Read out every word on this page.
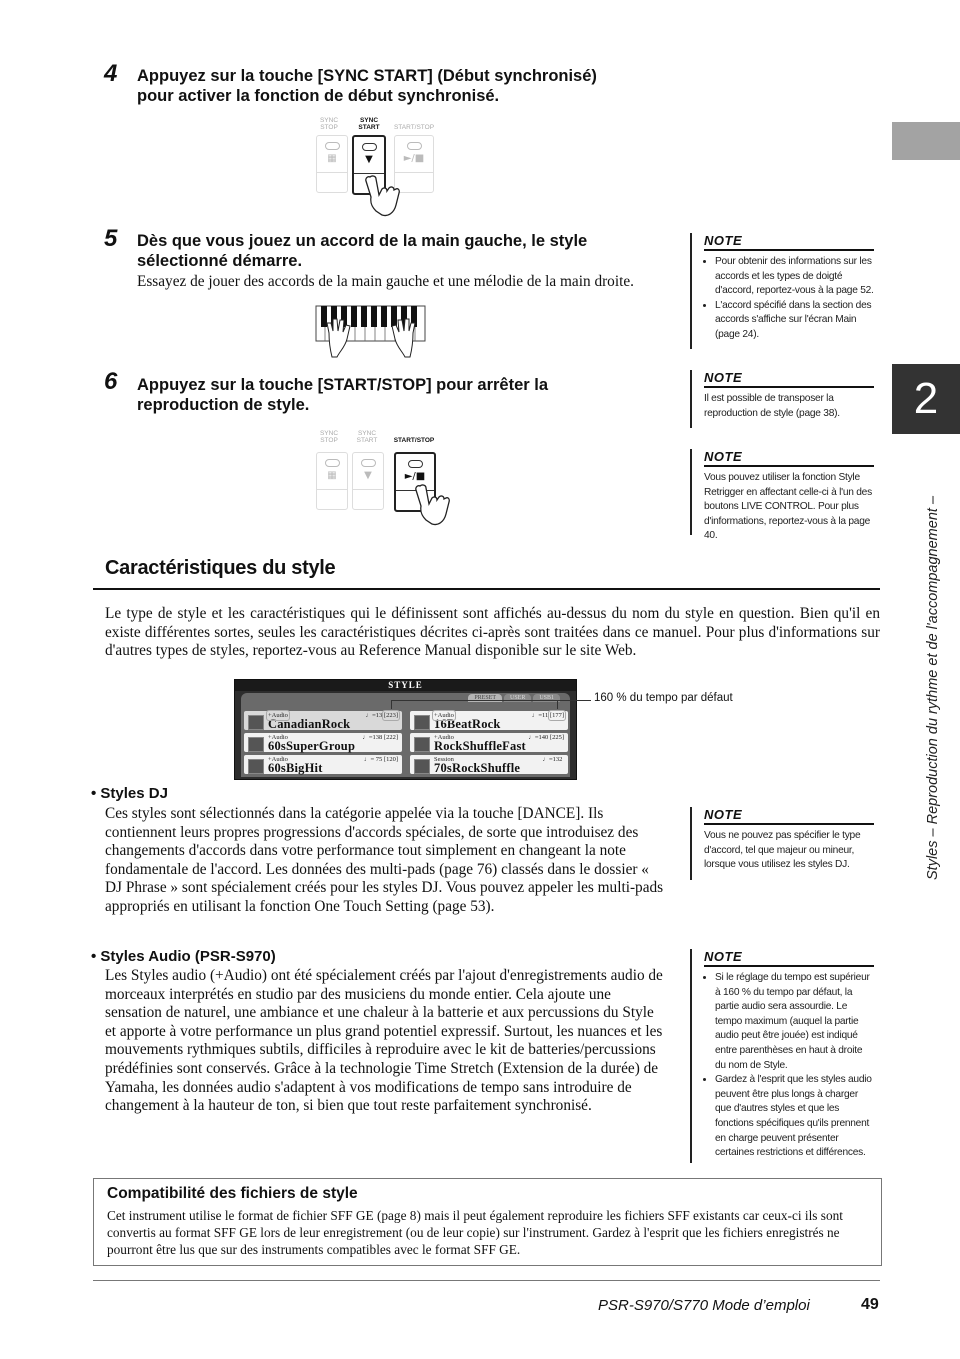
4 Appuyez sur la touche [SYNC START] (Début synchronisé)
pour activer la fonction de début synchronisé.
SYNC
STOP
SYNC
START	START/STOP
▦	▼	►/■
5 Dès que vous jouez un accord de la main gauche, le style
sélectionné démarre.
Essayez de jouer des accords de la main gauche et une mélodie de la main droite.
NOTE
• Pour obtenir des informations sur les accords et les types de doigté d'accord, reportez-vous à la page 52.
• L'accord spécifié dans la section des accords s'affiche sur l'écran Main (page 24).
6 Appuyez sur la touche [START/STOP] pour arrêter la
reproduction de style.
SYNC
STOP
SYNC
START	START/STOP
▦	▼	►/■
NOTE
Il est possible de transposer la reproduction de style (page 38).
NOTE
Vous pouvez utiliser la fonction Style Retrigger en affectant celle-ci à l'un des boutons LIVE CONTROL. Pour plus d'informations, reportez-vous à la page 40.
2
Styles – Reproduction du rythme et de l'accompagnement –
Caractéristiques du style
Le type de style et les caractéristiques qui le définissent sont affichés au-dessus du nom du style en question. Bien qu'il en existe différentes sortes, seules les caractéristiques décrites ci-après sont traitées dans ce manuel. Pour plus d'informations sur d'autres types de styles, reportez-vous au Reference Manual disponible sur le site Web.
STYLE
PRESET	USER	USB1
+Audio
CanadianRock
♩=13 [223]	+Audio
16BeatRock
♩=11 [177]
+Audio
60sSuperGroup
♩=138 [222]	+Audio
RockShuffleFast
♩=140 [225]
+Audio
60sBigHit
♩= 75 [120]	Session
70sRockShuffle
♩=132
160 % du tempo par défaut
• Styles DJ
Ces styles sont sélectionnés dans la catégorie appelée via la touche [DANCE]. Ils contiennent leurs propres progressions d'accords spéciales, de sorte que introduisez des changements d'accords dans votre performance tout simplement en changeant la note fondamentale de l'accord. Les données des multi-pads (page 76) classés dans le dossier « DJ Phrase » sont spécialement créés pour les styles DJ. Vous pouvez appeler les multi-pads appropriés en utilisant la fonction One Touch Setting (page 53).
NOTE
Vous ne pouvez pas spécifier le type d'accord, tel que majeur ou mineur, lorsque vous utilisez les styles DJ.
• Styles Audio (PSR-S970)
Les Styles audio (+Audio) ont été spécialement créés par l'ajout d'enregistrements audio de morceaux interprétés en studio par des musiciens du monde entier. Cela ajoute une sensation de naturel, une ambiance et une chaleur à la batterie et aux percussions du Style et apporte à votre performance un plus grand potentiel expressif. Surtout, les nuances et les mouvements rythmiques subtils, difficiles à reproduire avec le kit de batteries/percussions prédéfinies sont conservés. Grâce à la technologie Time Stretch (Extension de la durée) de Yamaha, les données audio s'adaptent à vos modifications de tempo sans introduire de changement à la hauteur de ton, si bien que tout reste parfaitement synchronisé.
NOTE
• Si le réglage du tempo est supérieur à 160 % du tempo par défaut, la partie audio sera assourdie. Le tempo maximum (auquel la partie audio peut être jouée) est indiqué entre parenthèses en haut à droite du nom de Style.
• Gardez à l'esprit que les styles audio peuvent être plus longs à charger que d'autres styles et que les fonctions spécifiques qu'ils prennent en charge peuvent présenter certaines restrictions et différences.
Compatibilité des fichiers de style
Cet instrument utilise le format de fichier SFF GE (page 8) mais il peut également reproduire les fichiers SFF existants car ceux-ci ils sont convertis au format SFF GE lors de leur enregistrement (ou de leur copie) sur l'instrument. Gardez à l'esprit que les fichiers enregistrés ne pourront être lus que sur des instruments compatibles avec le format SFF GE.
PSR-S970/S770 Mode d’emploi	49
